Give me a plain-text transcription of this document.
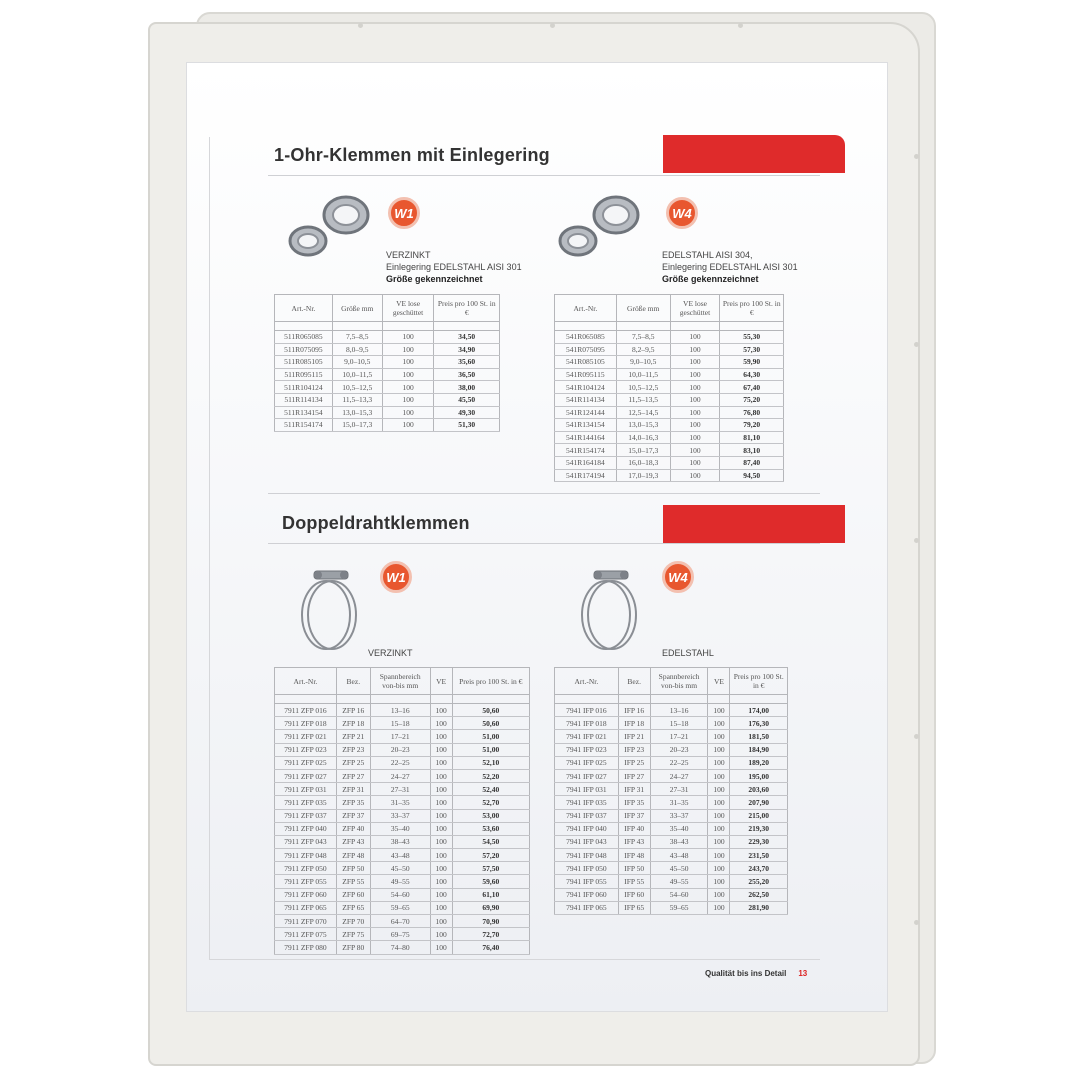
1-Ohr-Klemmen mit Einlegering
W1
VERZINKT
Einlegering EDELSTAHL AISI 301
Größe gekennzeichnet
W4
EDELSTAHL AISI 304,
Einlegering EDELSTAHL AISI 301
Größe gekennzeichnet
Art.-Nr.	Größe mm	VE lose geschüttet	Preis pro 100 St. in €

511R065085	7,5–8,5	100	34,50
511R075095	8,0–9,5	100	34,90
511R085105	9,0–10,5	100	35,60
511R095115	10,0–11,5	100	36,50
511R104124	10,5–12,5	100	38,00
511R114134	11,5–13,3	100	45,50
511R134154	13,0–15,3	100	49,30
511R154174	15,0–17,3	100	51,30
Art.-Nr.	Größe mm	VE lose geschüttet	Preis pro 100 St. in €

541R065085	7,5–8,5	100	55,30
541R075095	8,2–9,5	100	57,30
541R085105	9,0–10,5	100	59,90
541R095115	10,0–11,5	100	64,30
541R104124	10,5–12,5	100	67,40
541R114134	11,5–13,5	100	75,20
541R124144	12,5–14,5	100	76,80
541R134154	13,0–15,3	100	79,20
541R144164	14,0–16,3	100	81,10
541R154174	15,0–17,3	100	83,10
541R164184	16,0–18,3	100	87,40
541R174194	17,0–19,3	100	94,50
Doppeldrahtklemmen
W1
VERZINKT
W4
EDELSTAHL
Art.-Nr.	Bez.	Spannbereich von-bis mm	VE	Preis pro 100 St. in €

7911 ZFP 016	ZFP 16	13–16	100	50,60
7911 ZFP 018	ZFP 18	15–18	100	50,60
7911 ZFP 021	ZFP 21	17–21	100	51,00
7911 ZFP 023	ZFP 23	20–23	100	51,00
7911 ZFP 025	ZFP 25	22–25	100	52,10
7911 ZFP 027	ZFP 27	24–27	100	52,20
7911 ZFP 031	ZFP 31	27–31	100	52,40
7911 ZFP 035	ZFP 35	31–35	100	52,70
7911 ZFP 037	ZFP 37	33–37	100	53,00
7911 ZFP 040	ZFP 40	35–40	100	53,60
7911 ZFP 043	ZFP 43	38–43	100	54,50
7911 ZFP 048	ZFP 48	43–48	100	57,20
7911 ZFP 050	ZFP 50	45–50	100	57,50
7911 ZFP 055	ZFP 55	49–55	100	59,60
7911 ZFP 060	ZFP 60	54–60	100	61,10
7911 ZFP 065	ZFP 65	59–65	100	69,90
7911 ZFP 070	ZFP 70	64–70	100	70,90
7911 ZFP 075	ZFP 75	69–75	100	72,70
7911 ZFP 080	ZFP 80	74–80	100	76,40
Art.-Nr.	Bez.	Spannbereich von-bis mm	VE	Preis pro 100 St. in €

7941 IFP 016	IFP 16	13–16	100	174,00
7941 IFP 018	IFP 18	15–18	100	176,30
7941 IFP 021	IFP 21	17–21	100	181,50
7941 IFP 023	IFP 23	20–23	100	184,90
7941 IFP 025	IFP 25	22–25	100	189,20
7941 IFP 027	IFP 27	24–27	100	195,00
7941 IFP 031	IFP 31	27–31	100	203,60
7941 IFP 035	IFP 35	31–35	100	207,90
7941 IFP 037	IFP 37	33–37	100	215,00
7941 IFP 040	IFP 40	35–40	100	219,30
7941 IFP 043	IFP 43	38–43	100	229,30
7941 IFP 048	IFP 48	43–48	100	231,50
7941 IFP 050	IFP 50	45–50	100	243,70
7941 IFP 055	IFP 55	49–55	100	255,20
7941 IFP 060	IFP 60	54–60	100	262,50
7941 IFP 065	IFP 65	59–65	100	281,90
Qualität bis ins Detail 13
